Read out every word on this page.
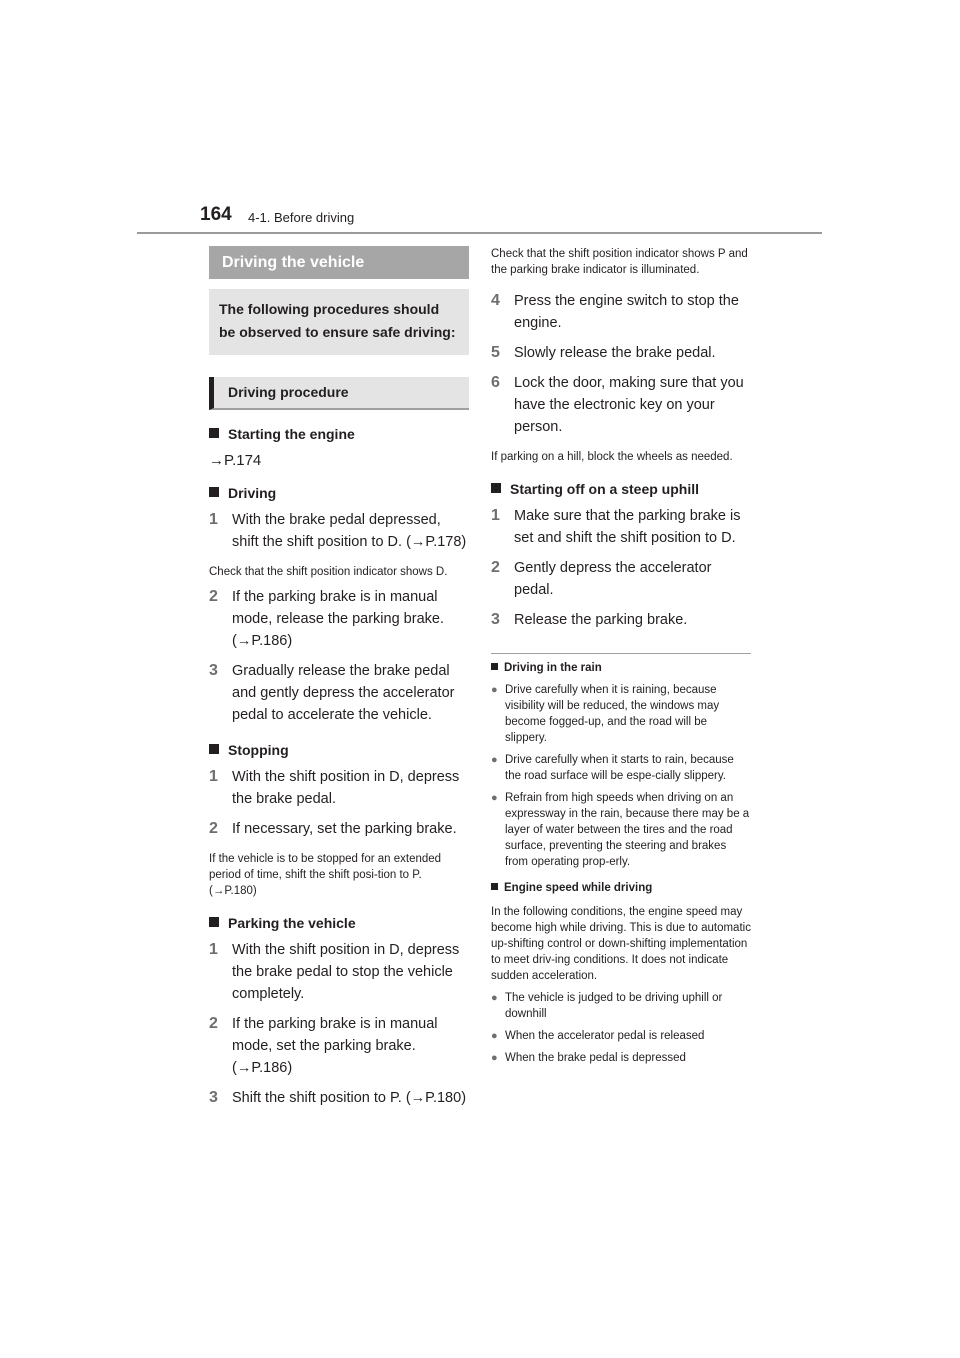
164 4-1. Before driving
Driving the vehicle
The following procedures should be observed to ensure safe driving:
Driving procedure
Starting the engine
→P.174
Driving
1 With the brake pedal depressed, shift the shift position to D. (→P.178)
Check that the shift position indicator shows D.
2 If the parking brake is in manual mode, release the parking brake. (→P.186)
3 Gradually release the brake pedal and gently depress the accelerator pedal to accelerate the vehicle.
Stopping
1 With the shift position in D, depress the brake pedal.
2 If necessary, set the parking brake.
If the vehicle is to be stopped for an extended period of time, shift the shift posi-tion to P. (→P.180)
Parking the vehicle
1 With the shift position in D, depress the brake pedal to stop the vehicle completely.
2 If the parking brake is in manual mode, set the parking brake. (→P.186)
3 Shift the shift position to P. (→P.180)
Check that the shift position indicator shows P and the parking brake indicator is illuminated.
4 Press the engine switch to stop the engine.
5 Slowly release the brake pedal.
6 Lock the door, making sure that you have the electronic key on your person.
If parking on a hill, block the wheels as needed.
Starting off on a steep uphill
1 Make sure that the parking brake is set and shift the shift position to D.
2 Gently depress the accelerator pedal.
3 Release the parking brake.
Driving in the rain
● Drive carefully when it is raining, because visibility will be reduced, the windows may become fogged-up, and the road will be slippery.
● Drive carefully when it starts to rain, because the road surface will be espe-cially slippery.
● Refrain from high speeds when driving on an expressway in the rain, because there may be a layer of water between the tires and the road surface, preventing the steering and brakes from operating prop-erly.
Engine speed while driving
In the following conditions, the engine speed may become high while driving. This is due to automatic up-shifting control or down-shifting implementation to meet driv-ing conditions. It does not indicate sudden acceleration.
● The vehicle is judged to be driving uphill or downhill
● When the accelerator pedal is released
● When the brake pedal is depressed
